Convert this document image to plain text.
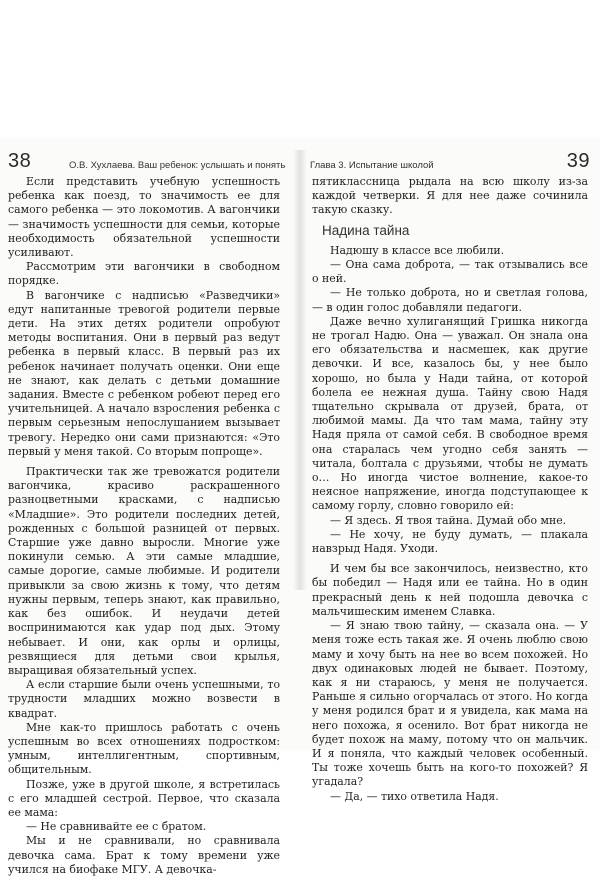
38	О.В. Хухлаева. Ваш ребенок: услышать и понять

Если представить учебную успешность ребенка как поезд, то значимость ее для самого ребенка — это локомотив. А вагончики — значимость успешности для семьи, которые необходимость обязательной успешности усиливают.

Рассмотрим эти вагончики в свободном порядке.

В вагончике с надписью «Разведчики» едут напитанные тревогой родители первые дети. На этих детях родители опробуют методы воспитания. Они в первый раз ведут ребенка в первый класс. В первый раз их ребенок начинает получать оценки. Они еще не знают, как делать с детьми домашние задания. Вместе с ребенком робеют перед его учительницей. А начало взросления ребенка с первым серьезным непослушанием вызывает тревогу. Нередко они сами признаются: «Это первый у меня такой. Со вторым попроще».

Практически так же тревожатся родители вагончика, красиво раскрашенного разноцветными красками, с надписью «Младшие». Это родители последних детей, рожденных с большой разницей от первых. Старшие уже давно выросли. Многие уже покинули семью. А эти самые младшие, самые дорогие, самые любимые. И родители привыкли за свою жизнь к тому, что детям нужны первым, теперь знают, как правильно, как без ошибок. И неудачи детей воспринимаются как удар под дых. Этому небывает. И они, как орлы и орлицы, резвящиеся для детьми свои крылья, выращивая обязательный успех.

А если старшие были очень успешными, то трудности младших можно возвести в квадрат.

Мне как-то пришлось работать с очень успешным во всех отношениях подростком: умным, интеллигентным, спортивным, общительным.

Позже, уже в другой школе, я встретилась с его младшей сестрой. Первое, что сказала ее мама:

— Не сравнивайте ее с братом.

Мы и не сравнивали, но сравнивала девочка сама. Брат к тому времени уже учился на биофаке МГУ. А девочка-

39
Глава 3. Испытание школой

пятиклассница рыдала на всю школу из-за каждой четверки. Я для нее даже сочинила такую сказку.

Надина тайна

Надюшу в классе все любили.

— Она сама доброта, — так отзывались все о ней.

— Не только доброта, но и светлая голова, — в один голос добавляли педагоги.

Даже вечно хулиганящий Гришка никогда не трогал Надю. Она — уважал. Он знала она его обязательства и насмешек, как другие девочки. И все, казалось бы, у нее было хорошо, но была у Нади тайна, от которой болела ее нежная душа. Тайну свою Надя тщательно скрывала от друзей, брата, от любимой мамы. Да что там мама, тайну эту Надя пряла от самой себя. В свободное время она старалась чем угодно себя занять — читала, болтала с друзьями, чтобы не думать о… Но иногда чистое волнение, какое-то неясное напряжение, иногда подступающее к самому горлу, словно говорило ей:

— Я здесь. Я твоя тайна. Думай обо мне.

— Не хочу, не буду думать, — плакала навзрыд Надя. Уходи.

И чем бы все закончилось, неизвестно, кто бы победил — Надя или ее тайна. Но в один прекрасный день к ней подошла девочка с мальчишеским именем Славка.

— Я знаю твою тайну, — сказала она. — У меня тоже есть такая же. Я очень люблю свою маму и хочу быть на нее во всем похожей. Но двух одинаковых людей не бывает. Поэтому, как я ни стараюсь, у меня не получается. Раньше я сильно огорчалась от этого. Но когда у меня родился брат и я увидела, как мама на него похожа, я осенило. Вот брат никогда не будет похож на маму, потому что он мальчик. И я поняла, что каждый человек особенный. Ты тоже хочешь быть на кого-то похожей? Я угадала?

— Да, — тихо ответила Надя.
